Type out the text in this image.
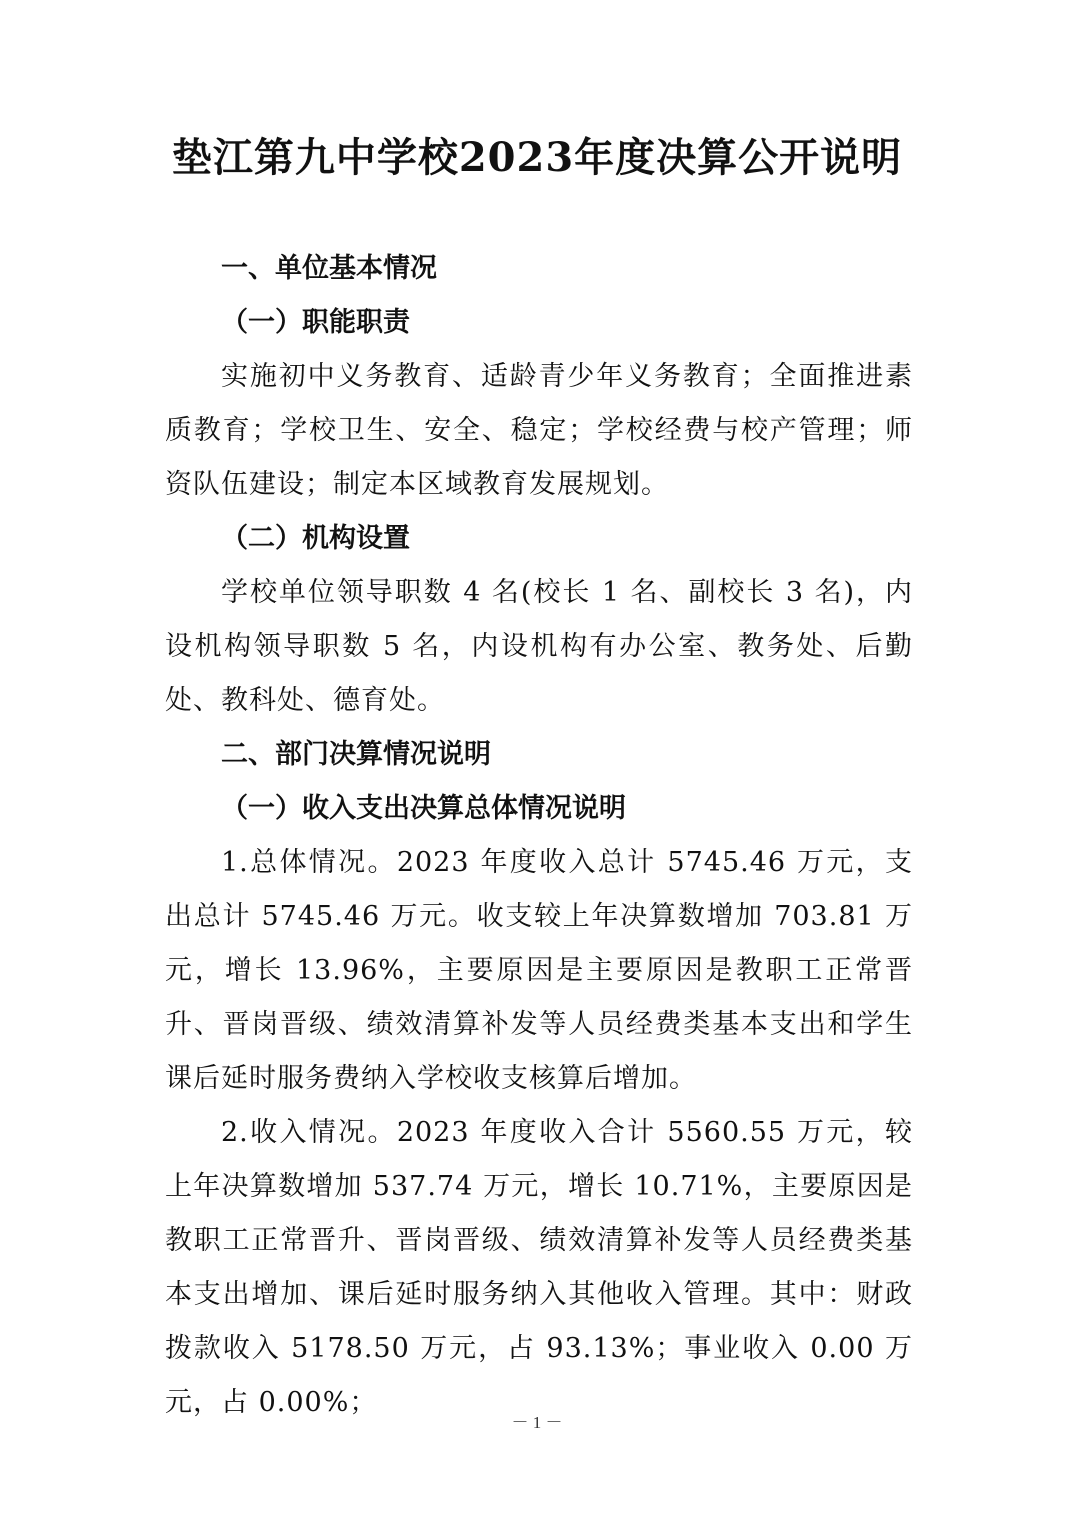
垫江第九中学校2023年度决算公开说明

一、单位基本情况

（一）职能职责

实施初中义务教育、适龄青少年义务教育；全面推进素质教育；学校卫生、安全、稳定；学校经费与校产管理；师资队伍建设；制定本区域教育发展规划。

（二）机构设置

学校单位领导职数 4 名(校长 1 名、副校长 3 名)，内设机构领导职数 5 名，内设机构有办公室、教务处、后勤处、教科处、德育处。

二、部门决算情况说明

（一）收入支出决算总体情况说明

1.总体情况。2023 年度收入总计 5745.46 万元，支出总计 5745.46 万元。收支较上年决算数增加 703.81 万元，增长 13.96%，主要原因是主要原因是教职工正常晋升、晋岗晋级、绩效清算补发等人员经费类基本支出和学生课后延时服务费纳入学校收支核算后增加。

2.收入情况。2023 年度收入合计 5560.55 万元，较上年决算数增加 537.74 万元，增长 10.71%，主要原因是教职工正常晋升、晋岗晋级、绩效清算补发等人员经费类基本支出增加、课后延时服务纳入其他收入管理。其中：财政拨款收入 5178.50 万元，占 93.13%；事业收入 0.00 万元，占 0.00%；

－ 1 －
